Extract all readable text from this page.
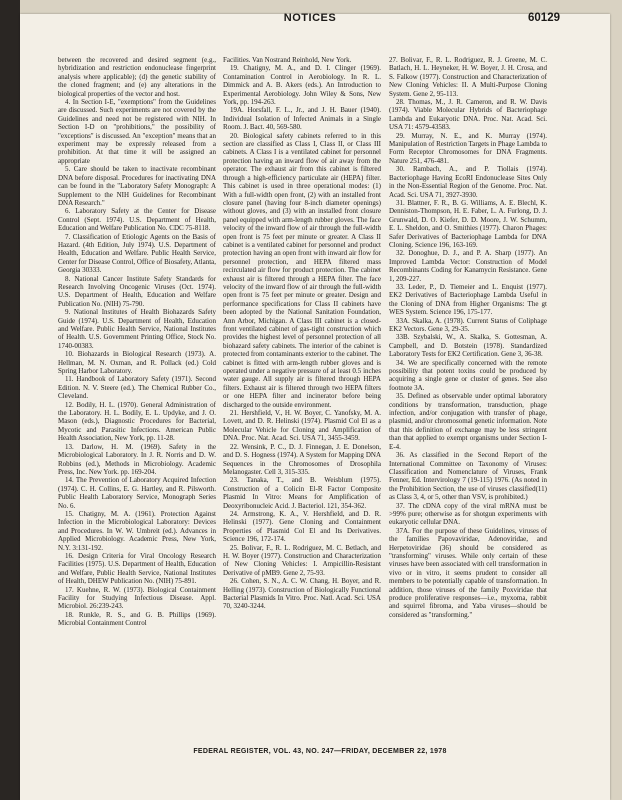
NOTICES	60129

between the recovered and desired segment (e.g., hybridization and restriction endonuclease fingerprint analysis where applicable); (d) the genetic stability of the cloned fragment; and (e) any alterations in the biological properties of the vector and host.

4. In Section I-E, "exemptions" from the Guidelines are discussed. Such experiments are not covered by the Guidelines and need not be registered with NIH. In Section I-D on "prohibitions," the possibility of "exceptions" is discussed. An "exception" means that an experiment may be expressly released from a prohibition. At that time it will be assigned an appropriate

5. Care should be taken to inactivate recombinant DNA before disposal. Procedures for inactivating DNA can be found in the "Laboratory Safety Monograph: A Supplement to the NIH Guidelines for Recombinant DNA Research."

6. Laboratory Safety at the Center for Disease Control (Sept. 1974). U.S. Department of Health, Education and Welfare Publication No. CDC 75-8118.

7. Classification of Etiologic Agents on the Basis of Hazard. (4th Edition, July 1974). U.S. Department of Health, Education and Welfare. Public Health Service, Center for Disease Control, Office of Biosafety, Atlanta, Georgia 30333.

8. National Cancer Institute Safety Standards for Research Involving Oncogenic Viruses (Oct. 1974). U.S. Department of Health, Education and Welfare Publication No. (NIH) 75-790.

9. National Institutes of Health Biohazards Safety Guide (1974). U.S. Department of Health, Education and Welfare. Public Health Service, National Institutes of Health. U.S. Government Printing Office, Stock No. 1740-00383.

10. Biohazards in Biological Research (1973). A. Hellman, M. N. Oxman, and R. Pollack (ed.) Cold Spring Harbor Laboratory.

11. Handbook of Laboratory Safety (1971). Second Edition. N. V. Steere (ed.). The Chemical Rubber Co., Cleveland.

12. Bodily, H. L. (1970). General Administration of the Laboratory. H. L. Bodily, E. L. Updyke, and J. O. Mason (eds.), Diagnostic Procedures for Bacterial, Mycotic and Parasitic Infections. American Public Health Association, New York, pp. 11-28.

13. Darlow, H. M. (1969). Safety in the Microbiological Laboratory. In J. R. Norris and D. W. Robbins (ed.), Methods in Microbiology. Academic Press, Inc. New York. pp. 169-204.

14. The Prevention of Laboratory Acquired Infection (1974). C. H. Collins, E. G. Hartley, and R. Pilsworth. Public Health Laboratory Service, Monograph Series No. 6.

15. Chatigny, M. A. (1961). Protection Against Infection in the Microbiological Laboratory: Devices and Procedures. In W. W. Umbreit (ed.). Advances in Applied Microbiology. Academic Press, New York, N.Y. 3:131-192.

16. Design Criteria for Viral Oncology Research Facilities (1975). U.S. Department of Health, Education and Welfare, Public Health Service, National Institutes of Health, DHEW Publication No. (NIH) 75-891.

17. Kuehne, R. W. (1973). Biological Containment Facility for Studying Infectious Disease. Appl. Microbiol. 26:239-243.

18. Runkle, R. S., and G. B. Phillips (1969). Microbial Containment Control

Facilities. Van Nostrand Reinhold, New York.

19. Chatigny, M. A., and D. I. Clinger (1969). Contamination Control in Aerobiology. In R. L. Dimmick and A. B. Akers (eds.). An Introduction to Experimental Aerobiology. John Wiley & Sons, New York, pp. 194-263.

19A. Horsfall, F. L., Jr., and J. H. Bauer (1940). Individual Isolation of Infected Animals in a Single Room. J. Bact. 40, 569-580.

20. Biological safety cabinets referred to in this section are classified as Class I, Class II, or Class III cabinets. A Class I is a ventilated cabinet for personnel protection having an inward flow of air away from the operator. The exhaust air from this cabinet is filtered through a high-efficiency particulate air (HEPA) filter. This cabinet is used in three operational modes: (1) With a full-width open front, (2) with an installed front closure panel (having four 8-inch diameter openings) without gloves, and (3) with an installed front closure panel equipped with arm-length rubber gloves. The face velocity of the inward flow of air through the full-width open front is 75 feet per minute or greater. A Class II cabinet is a ventilated cabinet for personnel and product protection having an open front with inward air flow for personnel protection, and HEPA filtered mass recirculated air flow for product protection. The cabinet exhaust air is filtered through a HEPA filter. The face velocity of the inward flow of air through the full-width open front is 75 feet per minute or greater. Design and performance specifications for Class II cabinets have been adopted by the National Sanitation Foundation, Ann Arbor, Michigan. A Class III cabinet is a closed-front ventilated cabinet of gas-tight construction which provides the highest level of personnel protection of all biohazard safety cabinets. The interior of the cabinet is protected from contaminants exterior to the cabinet. The cabinet is fitted with arm-length rubber gloves and is operated under a negative pressure of at least 0.5 inches water gauge. All supply air is filtered through HEPA filters. Exhaust air is filtered through two HEPA filters or one HEPA filter and incinerator before being discharged to the outside environment.

21. Hershfield, V., H. W. Boyer, C. Yanofsky, M. A. Lovett, and D. R. Helinski (1974). Plasmid Col El as a Molecular Vehicle for Cloning and Amplification of DNA. Proc. Nat. Acad. Sci. USA 71, 3455-3459.

22. Wensink, P. C., D. J. Finnegan, J. E. Donelson, and D. S. Hogness (1974). A System for Mapping DNA Sequences in the Chromosomes of Drosophila Melanogaster. Cell 3, 315-335.

23. Tanaka, T., and B. Weisblum (1975). Construction of a Colicin El-R Factor Composite Plasmid In Vitro: Means for Amplification of Deoxyribonucleic Acid. J. Bacteriol. 121, 354-362.

24. Armstrong, K. A., V. Hershfield, and D. R. Helinski (1977). Gene Cloning and Containment Properties of Plasmid Col El and Its Derivatives. Science 196, 172-174.

25. Bolivar, F., R. L. Rodriguez, M. C. Betlach, and H. W. Boyer (1977). Construction and Characterization of New Cloning Vehicles: I. Ampicillin-Resistant Derivative of pMB9. Gene 2, 75-93.

26. Cohen, S. N., A. C. W. Chang, H. Boyer, and R. Helling (1973). Construction of Biologically Functional Bacterial Plasmids In Vitro. Proc. Natl. Acad. Sci. USA 70, 3240-3244.

27. Bolivar, F., R. L. Rodriguez, R. J. Greene, M. C. Batlach, H. L. Heyneker, H. W. Boyer, J. H. Crosa, and S. Falkow (1977). Construction and Characterization of New Cloning Vehicles: II. A Multi-Purpose Cloning System. Gene 2, 95-113.

28. Thomas, M., J. R. Cameron, and R. W. Davis (1974). Viable Molecular Hybrids of Bacteriophage Lambda and Eukaryotic DNA. Proc. Nat. Acad. Sci. USA 71: 4579-43583.

29. Murray, N. E., and K. Murray (1974). Manipulation of Restriction Targets in Phage Lambda to Form Receptor Chromosomes for DNA Fragments. Nature 251, 476-481.

30. Rambach, A., and P. Tiollais (1974). Bacteriophage Having EcoRI Endonuclease Sites Only in the Non-Essential Region of the Genome. Proc. Nat. Acad. Sci. USA 71, 3927-3930.

31. Blattner, F. R., B. G. Williams, A. E. Blechl, K. Denniston-Thompson, H. E. Faber, L. A. Furlong, D. J. Grunwald, D. O. Kiefer, D. D. Moore, J. W. Schumm, E. L. Sheldon, and O. Smithies (1977). Charon Phages: Safer Derivatives of Bacteriophage Lambda for DNA Cloning. Science 196, 163-169.

32. Donoghue, D. J., and P. A. Sharp (1977). An Improved Lambda Vector: Construction of Model Recombinants Coding for Kanamycin Resistance. Gene 1, 209-227.

33. Leder, P., D. Tiemeier and L. Enquist (1977). EK2 Derivatives of Bacteriophage Lambda Useful in the Cloning of DNA from Higher Organisms: The gt WES System. Science 196, 175-177.

33A. Skalka, A. (1978). Current Status of Coliphage EK2 Vectors. Gene 3, 29-35.

33B. Szybalski, W., A. Skalka, S. Gottesman, A. Campbell, and D. Botstein (1978). Standardized Laboratory Tests for EK2 Certification. Gene 3, 36-38.

34. We are specifically concerned with the remote possibility that potent toxins could be produced by acquiring a single gene or cluster of genes. See also footnote 3A.

35. Defined as observable under optimal laboratory conditions by transformation, transduction, phage infection, and/or conjugation with transfer of phage, plasmid, and/or chromosomal genetic information. Note that this definition of exchange may be less stringent than that applied to exempt organisms under Section I-E-4.

36. As classified in the Second Report of the International Committee on Taxonomy of Viruses: Classification and Nomenclature of Viruses, Frank Fenner, Ed. Intervirology 7 (19-115) 1976. (As noted in the Prohibition Section, the use of viruses classified(11) as Class 3, 4, or 5, other than VSV, is prohibited.)

37. The cDNA copy of the viral mRNA must be >99% pure; otherwise as for shotgun experiments with eukaryotic cellular DNA.

37A. For the purpose of these Guidelines, viruses of the families Papovaviridae, Adenoviridae, and Herpetoviridae (36) should be considered as "transforming" viruses. While only certain of these viruses have been associated with cell transformation in vivo or in vitro, it seems prudent to consider all members to be potentially capable of transformation. In addition, those viruses of the family Poxviridae that produce proliferative responses—i.e., myxoma, rabbit and squirrel fibroma, and Yaba viruses—should be considered as "transforming."

FEDERAL REGISTER, VOL. 43, NO. 247—FRIDAY, DECEMBER 22, 1978
